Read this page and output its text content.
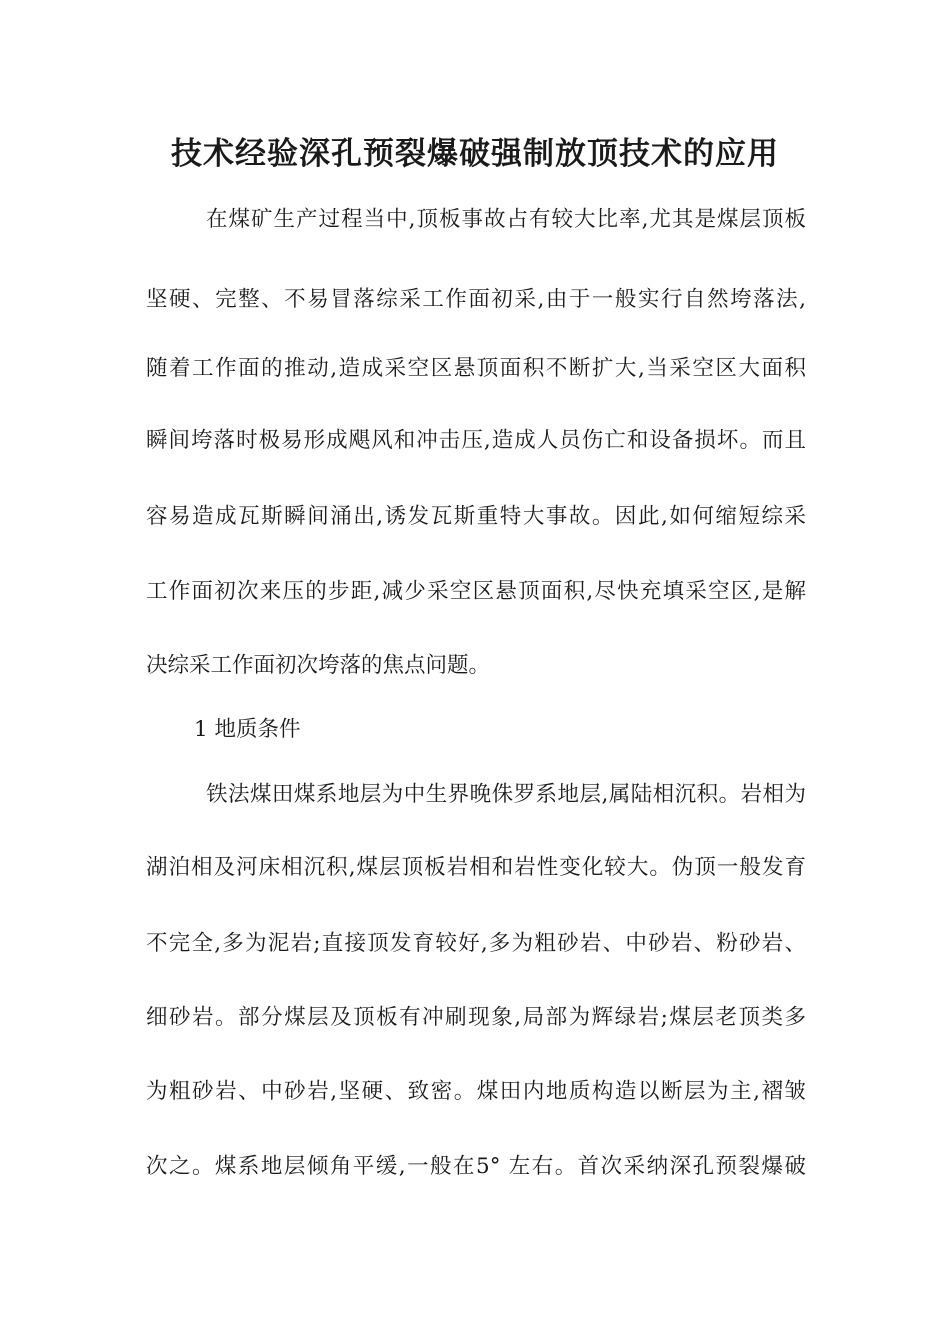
技术经验深孔预裂爆破强制放顶技术的应用
在煤矿生产过程当中,顶板事故占有较大比率,尤其是煤层顶板
坚硬、完整、不易冒落综采工作面初采,由于一般实行自然垮落法,
随着工作面的推动,造成采空区悬顶面积不断扩大,当采空区大面积
瞬间垮落时极易形成飓风和冲击压,造成人员伤亡和设备损坏。而且
容易造成瓦斯瞬间涌出,诱发瓦斯重特大事故。因此,如何缩短综采
工作面初次来压的步距,减少采空区悬顶面积,尽快充填采空区,是解
决综采工作面初次垮落的焦点问题。
1 地质条件
铁法煤田煤系地层为中生界晚侏罗系地层,属陆相沉积。岩相为
湖泊相及河床相沉积,煤层顶板岩相和岩性变化较大。伪顶一般发育
不完全,多为泥岩;直接顶发育较好,多为粗砂岩、中砂岩、粉砂岩、
细砂岩。部分煤层及顶板有冲刷现象,局部为辉绿岩;煤层老顶类多
为粗砂岩、中砂岩,坚硬、致密。煤田内地质构造以断层为主,褶皱
次之。煤系地层倾角平缓,一般在5° 左右。首次采纳深孔预裂爆破
